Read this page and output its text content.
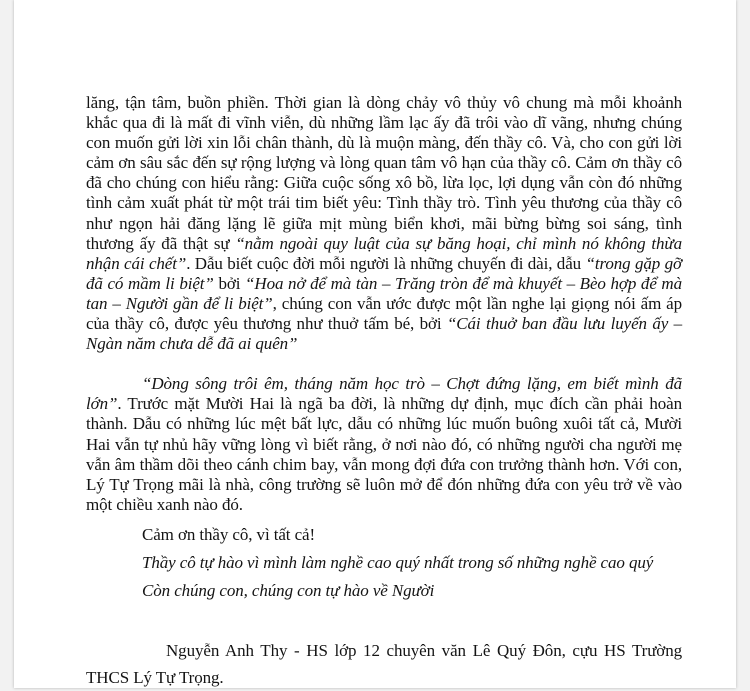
lăng, tận tâm, buồn phiền. Thời gian là dòng chảy vô thủy vô chung mà mỗi khoảnh khắc qua đi là mất đi vĩnh viễn, dù những lầm lạc ấy đã trôi vào dĩ vãng, nhưng chúng con muốn gửi lời xin lỗi chân thành, dù là muộn màng, đến thầy cô. Và, cho con gửi lời cảm ơn sâu sắc đến sự rộng lượng và lòng quan tâm vô hạn của thầy cô. Cảm ơn thầy cô đã cho chúng con hiểu rằng: Giữa cuộc sống xô bồ, lừa lọc, lợi dụng vẫn còn đó những tình cảm xuất phát từ một trái tim biết yêu: Tình thầy trò. Tình yêu thương của thầy cô như ngọn hải đăng lặng lẽ giữa mịt mùng biển khơi, mãi bừng bừng soi sáng, tình thương ấy đã thật sự “nằm ngoài quy luật của sự băng hoại, chỉ mình nó không thừa nhận cái chết”. Dẫu biết cuộc đời mỗi người là những chuyến đi dài, dẫu “trong gặp gỡ đã có mầm li biệt” bởi “Hoa nở để mà tàn – Trăng tròn để mà khuyết – Bèo hợp để mà tan – Người gần để li biệt”, chúng con vẫn ước được một lần nghe lại giọng nói ấm áp của thầy cô, được yêu thương như thuở tấm bé, bởi “Cái thuở ban đầu lưu luyến ấy – Ngàn năm chưa dễ đã ai quên”

“Dòng sông trôi êm, tháng năm học trò – Chợt đứng lặng, em biết mình đã lớn”. Trước mặt Mười Hai là ngã ba đời, là những dự định, mục đích cần phải hoàn thành. Dẫu có những lúc mệt bất lực, dẫu có những lúc muốn buông xuôi tất cả, Mười Hai vẫn tự nhủ hãy vững lòng vì biết rằng, ở nơi nào đó, có những người cha người mẹ vẫn âm thầm dõi theo cánh chim bay, vẫn mong đợi đứa con trưởng thành hơn. Với con, Lý Tự Trọng mãi là nhà, công trường sẽ luôn mở để đón những đứa con yêu trở về vào một chiều xanh nào đó.

Cảm ơn thầy cô, vì tất cả!

Thầy cô tự hào vì mình làm nghề cao quý nhất trong số những nghề cao quý

Còn chúng con, chúng con tự hào về Người

Nguyễn Anh Thy - HS lớp 12 chuyên văn Lê Quý Đôn, cựu HS Trường THCS Lý Tự Trọng.
